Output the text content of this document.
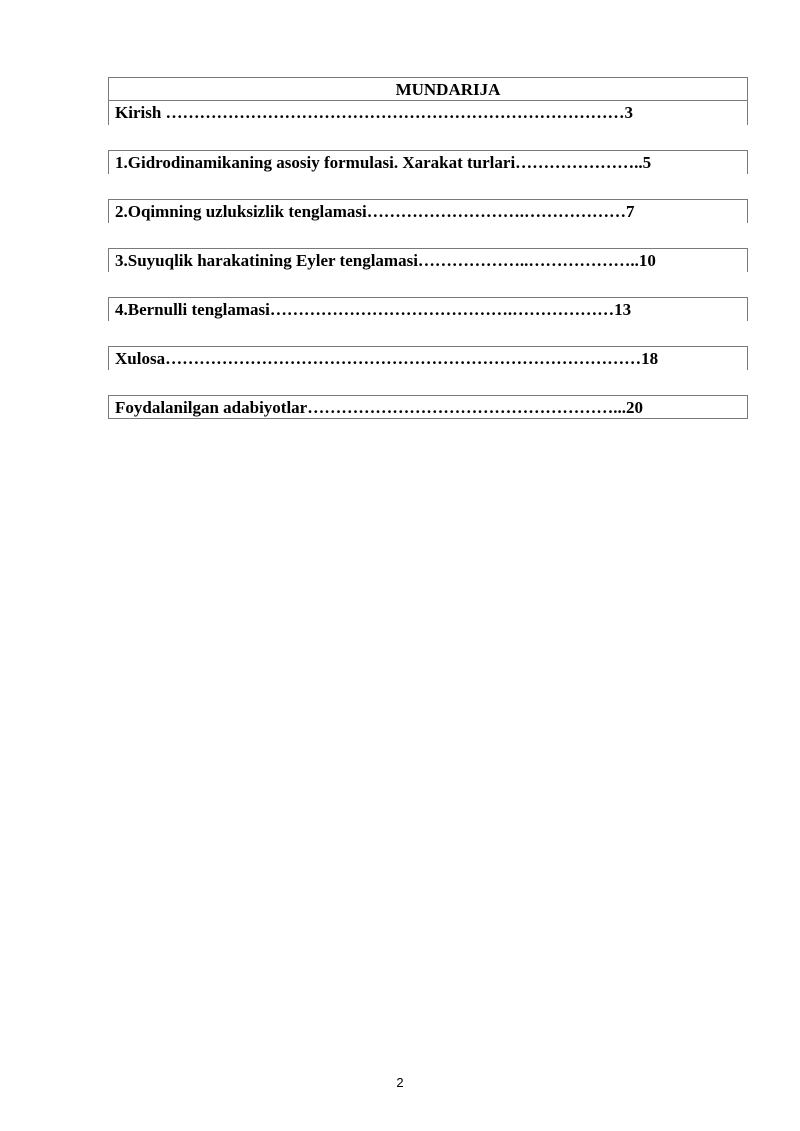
MUNDARIJA
Kirish ………………………………………………………………………3
1.Gidrodinamikaning asosiy formulasi. Xarakat turlari…………………..5
2.Oqimning uzluksizlik tenglamasi……………………….………………7
3.Suyuqlik harakatining Eyler tenglamasi………………..………………..10
4.Bernulli tenglamasi…………………………………….………………13
Xulosa…………………………………………………………………………18
Foydalanilgan adabiyotlar………………………………………………...20
2
